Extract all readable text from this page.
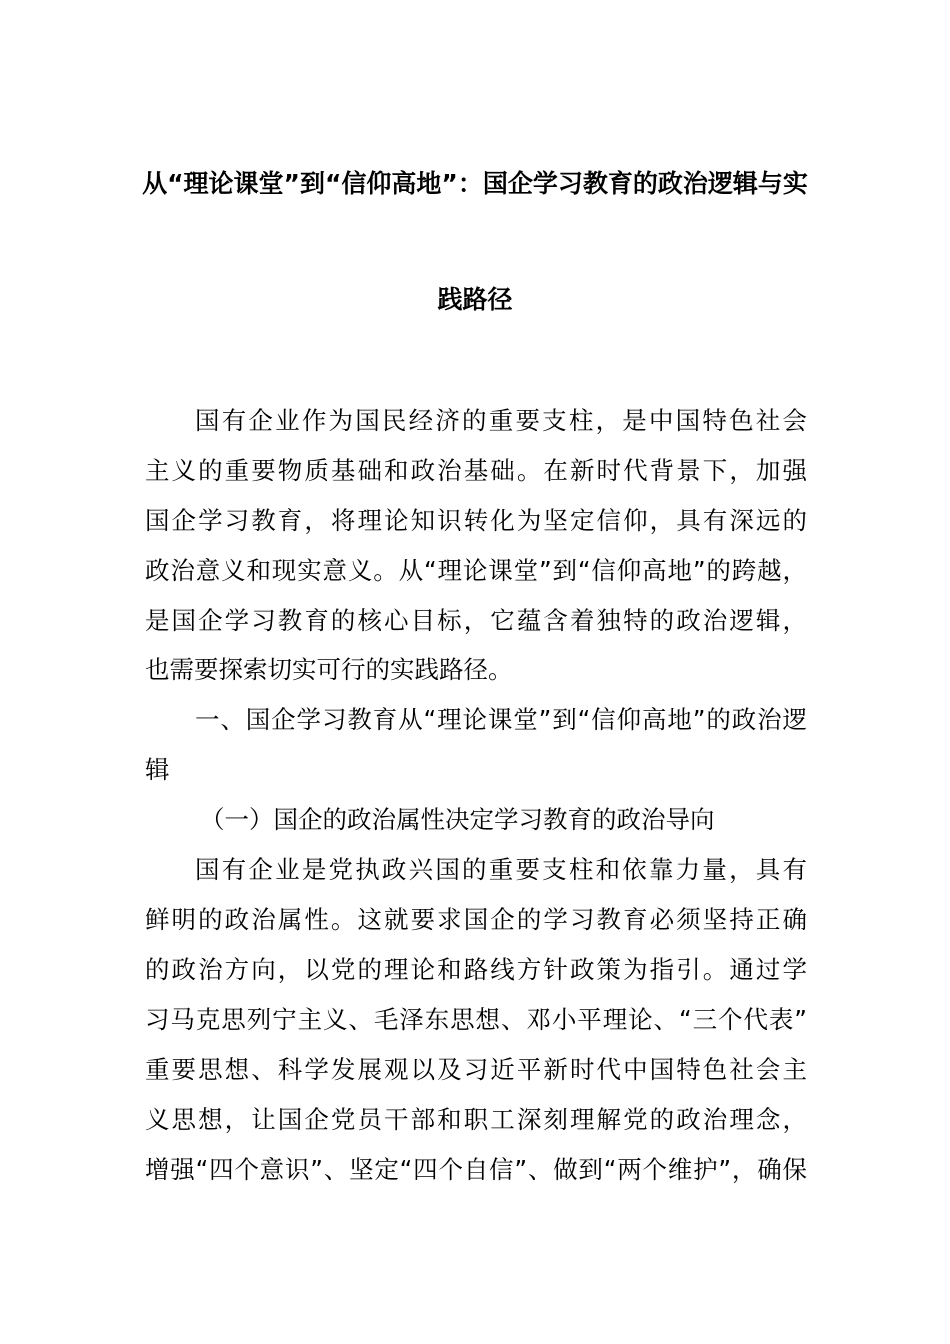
从“理论课堂”到“信仰高地”：国企学习教育的政治逻辑与实
践路径
国有企业作为国民经济的重要支柱，是中国特色社会
主义的重要物质基础和政治基础。在新时代背景下，加强
国企学习教育，将理论知识转化为坚定信仰，具有深远的
政治意义和现实意义。从“理论课堂”到“信仰高地”的跨越，
是国企学习教育的核心目标，它蕴含着独特的政治逻辑，
也需要探索切实可行的实践路径。
一、国企学习教育从“理论课堂”到“信仰高地”的政治逻
辑
（一）国企的政治属性决定学习教育的政治导向
国有企业是党执政兴国的重要支柱和依靠力量，具有
鲜明的政治属性。这就要求国企的学习教育必须坚持正确
的政治方向，以党的理论和路线方针政策为指引。通过学
习马克思列宁主义、毛泽东思想、邓小平理论、“三个代表”
重要思想、科学发展观以及习近平新时代中国特色社会主
义思想，让国企党员干部和职工深刻理解党的政治理念，
增强“四个意识”、坚定“四个自信”、做到“两个维护”，确保
